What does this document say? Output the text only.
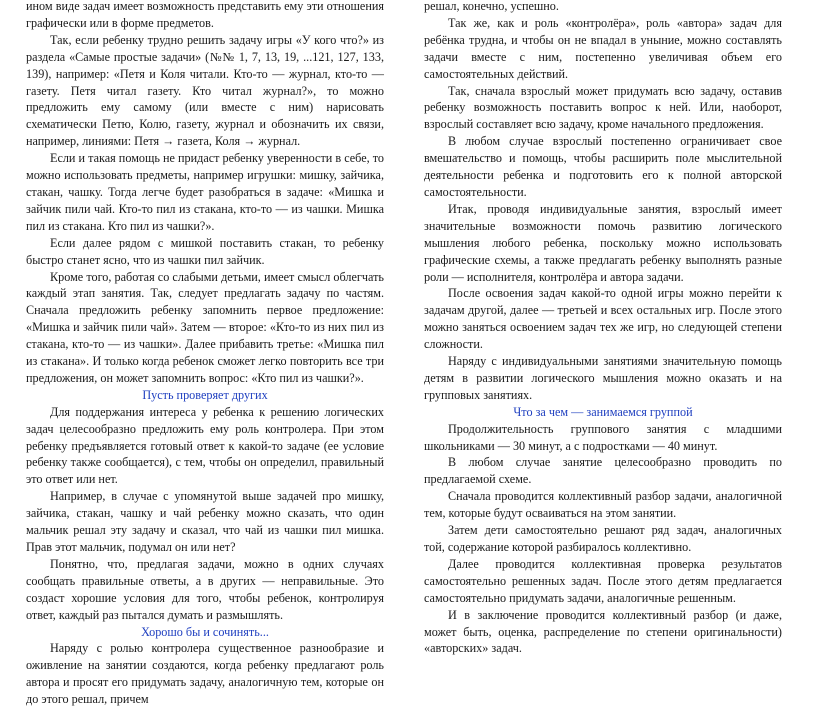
ином виде задач имеет возможность представить ему эти отношения графически или в форме предметов.

Так, если ребенку трудно решить задачу игры «У кого что?» из раздела «Самые простые задачи» (№№ 1, 7, 13, 19, ...121, 127, 133, 139), например: «Петя и Коля читали. Кто-то — журнал, кто-то — газету. Петя читал газету. Кто читал журнал?», то можно предложить ему самому (или вместе с ним) нарисовать схематически Петю, Колю, газету, журнал и обозначить их связи, например, линиями: Петя → газета, Коля → журнал.

Если и такая помощь не придаст ребенку уверенности в себе, то можно использовать предметы, например игрушки: мишку, зайчика, стакан, чашку. Тогда легче будет разобраться в задаче: «Мишка и зайчик пили чай. Кто-то пил из стакана, кто-то — из чашки. Мишка пил из стакана. Кто пил из чашки?».

Если далее рядом с мишкой поставить стакан, то ребенку быстро станет ясно, что из чашки пил зайчик.

Кроме того, работая со слабыми детьми, имеет смысл облегчать каждый этап занятия. Так, следует предлагать задачу по частям. Сначала предложить ребенку запомнить первое предложение: «Мишка и зайчик пили чай». Затем — второе: «Кто-то из них пил из стакана, кто-то — из чашки». Далее прибавить третье: «Мишка пил из стакана». И только когда ребенок сможет легко повторить все три предложения, он может запомнить вопрос: «Кто пил из чашки?».

Пусть проверяет других

Для поддержания интереса у ребенка к решению логических задач целесообразно предложить ему роль контролера. При этом ребенку предъявляется готовый ответ к какой-то задаче (ее условие ребенку также сообщается), с тем, чтобы он определил, правильный это ответ или нет.

Например, в случае с упомянутой выше задачей про мишку, зайчика, стакан, чашку и чай ребенку можно сказать, что один мальчик решал эту задачу и сказал, что чай из чашки пил мишка. Прав этот мальчик, подумал он или нет?

Понятно, что, предлагая задачи, можно в одних случаях сообщать правильные ответы, а в других — неправильные. Это создаст хорошие условия для того, чтобы ребенок, контролируя ответ, каждый раз пытался думать и размышлять.

Хорошо бы и сочинять...

Наряду с ролью контролера существенное разнообразие и оживление на занятии создаются, когда ребенку предлагают роль автора и просят его придумать задачу, аналогичную тем, которые он до этого решал, причем

решал, конечно, успешно.

Так же, как и роль «контролёра», роль «автора» задач для ребёнка трудна, и чтобы он не впадал в уныние, можно составлять задачи вместе с ним, постепенно увеличивая объем его самостоятельных действий.

Так, сначала взрослый может придумать всю задачу, оставив ребенку возможность поставить вопрос к ней. Или, наоборот, взрослый составляет всю задачу, кроме начального предложения.

В любом случае взрослый постепенно ограничивает свое вмешательство и помощь, чтобы расширить поле мыслительной деятельности ребенка и подготовить его к полной авторской самостоятельности.

Итак, проводя индивидуальные занятия, взрослый имеет значительные возможности помочь развитию логического мышления любого ребенка, поскольку можно использовать графические схемы, а также предлагать ребенку выполнять разные роли — исполнителя, контролёра и автора задачи.

После освоения задач какой-то одной игры можно перейти к задачам другой, далее — третьей и всех остальных игр. После этого можно заняться освоением задач тех же игр, но следующей степени сложности.

Наряду с индивидуальными занятиями значительную помощь детям в развитии логического мышления можно оказать и на групповых занятиях.

Что за чем — занимаемся группой

Продолжительность группового занятия с младшими школьниками — 30 минут, а с подростками — 40 минут.

В любом случае занятие целесообразно проводить по предлагаемой схеме.

Сначала проводится коллективный разбор задачи, аналогичной тем, которые будут осваиваться на этом занятии.

Затем дети самостоятельно решают ряд задач, аналогичных той, содержание которой разбиралось коллективно.

Далее проводится коллективная проверка результатов самостоятельно решенных задач. После этого детям предлагается самостоятельно придумать задачи, аналогичные решенным.

И в заключение проводится коллективный разбор (и даже, может быть, оценка, распределение по степени оригинальности) «авторских» задач.
